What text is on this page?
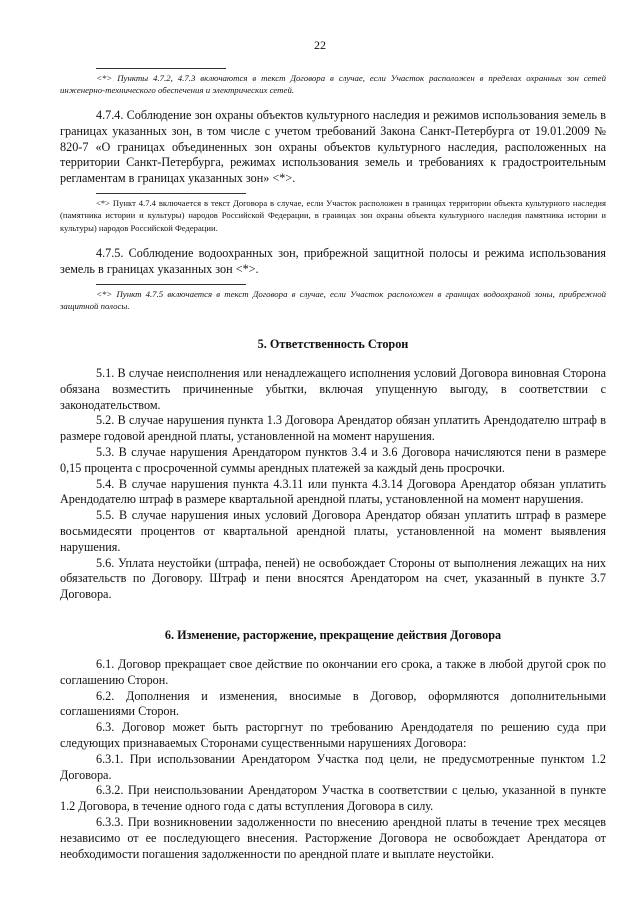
22

<*> Пункты 4.7.2, 4.7.3 включаются в текст Договора в случае, если Участок расположен в пределах охранных зон сетей инженерно-технического обеспечения и электрических сетей.

4.7.4. Соблюдение зон охраны объектов культурного наследия и режимов использования земель в границах указанных зон, в том числе с учетом требований Закона Санкт-Петербурга от 19.01.2009 № 820-7 «О границах объединенных зон охраны объектов культурного наследия, расположенных на территории Санкт-Петербурга, режимах использования земель и требованиях к градостроительным регламентам в границах указанных зон» <*>.

<*> Пункт 4.7.4 включается в текст Договора в случае, если Участок расположен в границах территории объекта культурного наследия (памятника истории и культуры) народов Российской Федерации, в границах зон охраны объекта культурного наследия памятника истории и культуры) народов Российской Федерации.

4.7.5. Соблюдение водоохранных зон, прибрежной защитной полосы и режима использования земель в границах указанных зон <*>.

<*> Пункт 4.7.5 включается в текст Договора в случае, если Участок расположен в границах водоохраной зоны, прибрежной защитной полосы.

5. Ответственность Сторон

5.1. В случае неисполнения или ненадлежащего исполнения условий Договора виновная Сторона обязана возместить причиненные убытки, включая упущенную выгоду, в соответствии с законодательством.

5.2. В случае нарушения пункта 1.3 Договора Арендатор обязан уплатить Арендодателю штраф в размере годовой арендной платы, установленной на момент нарушения.

5.3. В случае нарушения Арендатором пунктов 3.4 и 3.6 Договора начисляются пени в размере 0,15 процента с просроченной суммы арендных платежей за каждый день просрочки.

5.4. В случае нарушения пункта 4.3.11 или пункта 4.3.14 Договора Арендатор обязан уплатить Арендодателю штраф в размере квартальной арендной платы, установленной на момент нарушения.

5.5. В случае нарушения иных условий Договора Арендатор обязан уплатить штраф в размере восьмидесяти процентов от квартальной арендной платы, установленной на момент выявления нарушения.

5.6. Уплата неустойки (штрафа, пеней) не освобождает Стороны от выполнения лежащих на них обязательств по Договору. Штраф и пени вносятся Арендатором на счет, указанный в пункте 3.7 Договора.

6. Изменение, расторжение, прекращение действия Договора

6.1. Договор прекращает свое действие по окончании его срока, а также в любой другой срок по соглашению Сторон.

6.2. Дополнения и изменения, вносимые в Договор, оформляются дополнительными соглашениями Сторон.

6.3. Договор может быть расторгнут по требованию Арендодателя по решению суда при следующих признаваемых Сторонами существенными нарушениях Договора:

6.3.1. При использовании Арендатором Участка под цели, не предусмотренные пунктом 1.2 Договора.

6.3.2. При неиспользовании Арендатором Участка в соответствии с целью, указанной в пункте 1.2 Договора, в течение одного года с даты вступления Договора в силу.

6.3.3. При возникновении задолженности по внесению арендной платы в течение трех месяцев независимо от ее последующего внесения. Расторжение Договора не освобождает Арендатора от необходимости погашения задолженности по арендной плате и выплате неустойки.
